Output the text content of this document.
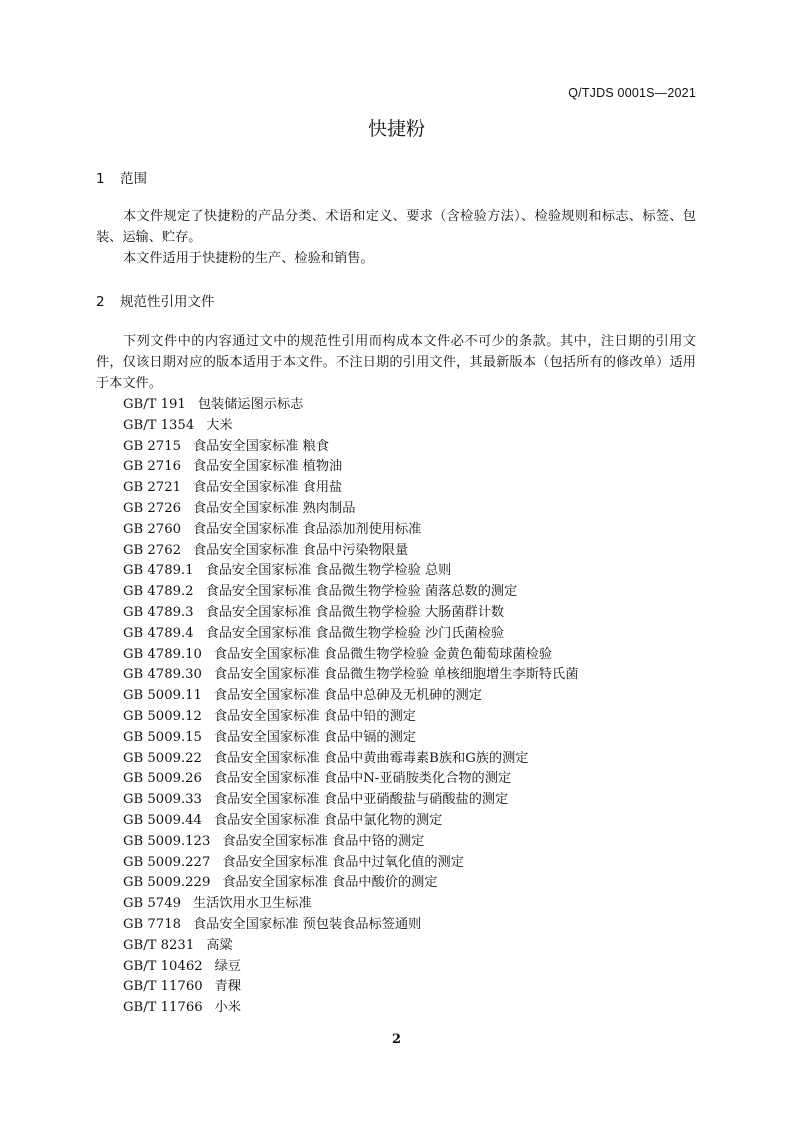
Q/TJDS 0001S—2021
快捷粉
1 范围

本文件规定了快捷粉的产品分类、术语和定义、要求（含检验方法）、检验规则和标志、标签、包装、运输、贮存。

本文件适用于快捷粉的生产、检验和销售。

2 规范性引用文件

下列文件中的内容通过文中的规范性引用而构成本文件必不可少的条款。其中，注日期的引用文件，仅该日期对应的版本适用于本文件。不注日期的引用文件，其最新版本（包括所有的修改单）适用于本文件。

GB/T 191 包装储运图示标志
GB/T 1354 大米
GB 2715 食品安全国家标准 粮食
GB 2716 食品安全国家标准 植物油
GB 2721 食品安全国家标准 食用盐
GB 2726 食品安全国家标准 熟肉制品
GB 2760 食品安全国家标准 食品添加剂使用标准
GB 2762 食品安全国家标准 食品中污染物限量
GB 4789.1 食品安全国家标准 食品微生物学检验 总则
GB 4789.2 食品安全国家标准 食品微生物学检验 菌落总数的测定
GB 4789.3 食品安全国家标准 食品微生物学检验 大肠菌群计数
GB 4789.4 食品安全国家标准 食品微生物学检验 沙门氏菌检验
GB 4789.10 食品安全国家标准 食品微生物学检验 金黄色葡萄球菌检验
GB 4789.30 食品安全国家标准 食品微生物学检验 单核细胞增生李斯特氏菌
GB 5009.11 食品安全国家标准 食品中总砷及无机砷的测定
GB 5009.12 食品安全国家标准 食品中铅的测定
GB 5009.15 食品安全国家标准 食品中镉的测定
GB 5009.22 食品安全国家标准 食品中黄曲霉毒素B族和G族的测定
GB 5009.26 食品安全国家标准 食品中N-亚硝胺类化合物的测定
GB 5009.33 食品安全国家标准 食品中亚硝酸盐与硝酸盐的测定
GB 5009.44 食品安全国家标准 食品中氯化物的测定
GB 5009.123 食品安全国家标准 食品中铬的测定
GB 5009.227 食品安全国家标准 食品中过氧化值的测定
GB 5009.229 食品安全国家标准 食品中酸价的测定
GB 5749 生活饮用水卫生标准
GB 7718 食品安全国家标准 预包装食品标签通则
GB/T 8231 高粱
GB/T 10462 绿豆
GB/T 11760 青稞
GB/T 11766 小米
2
